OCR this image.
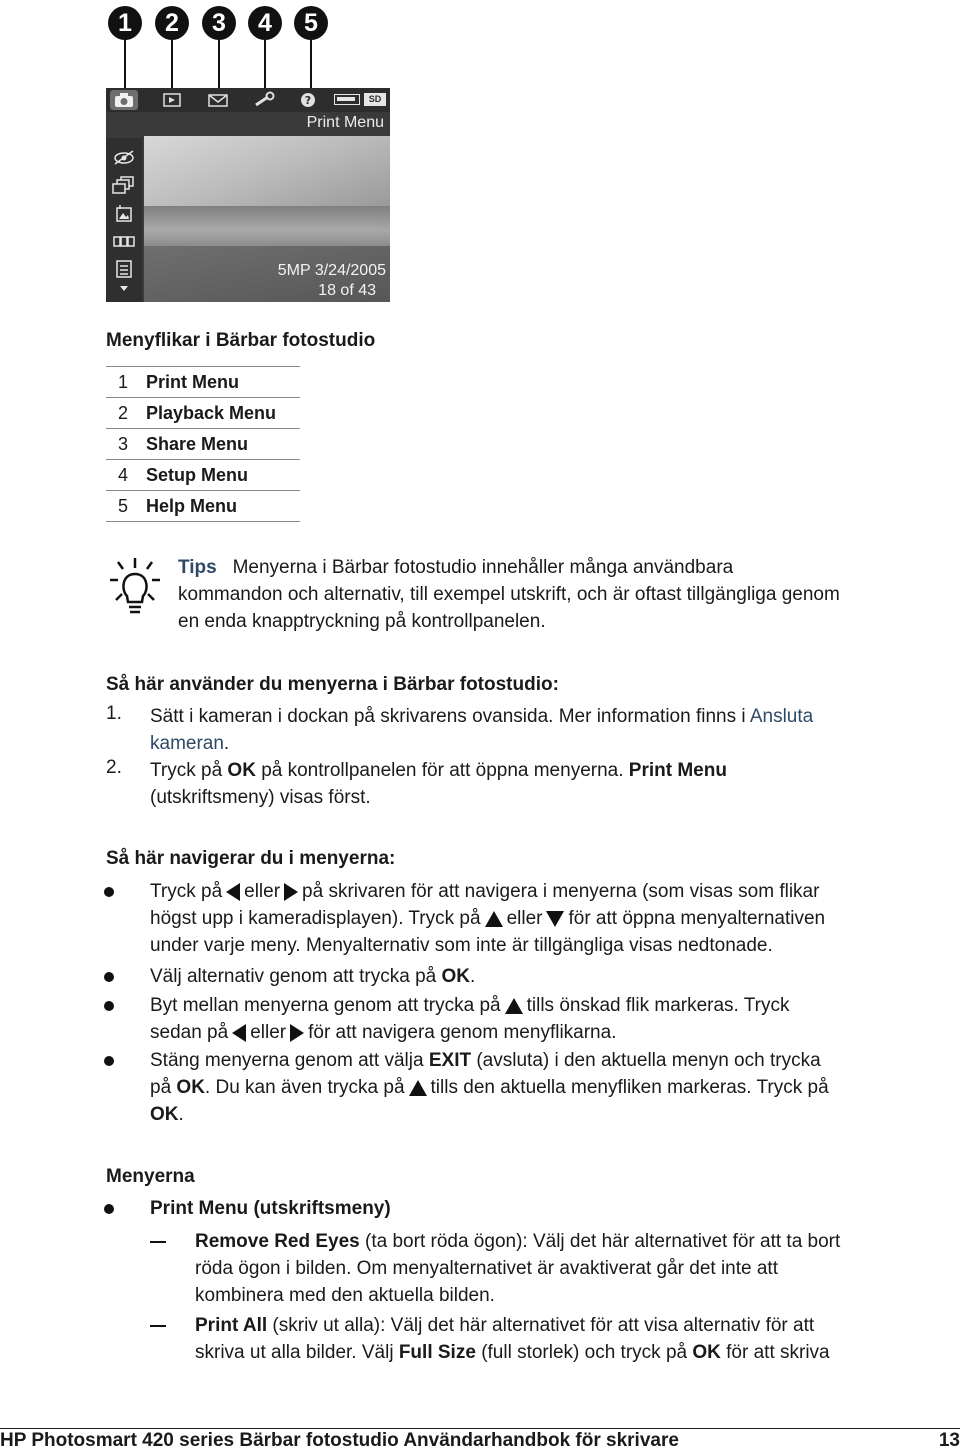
1 2 3 4 5
?	SD
Print Menu
5MP 3/24/2005
18 of 43
Menyflikar i Bärbar fotostudio
1	Print Menu
2	Playback Menu
3	Share Menu
4	Setup Menu
5	Help Menu

Tips Menyerna i Bärbar fotostudio innehåller många användbara

kommandon och alternativ, till exempel utskrift, och är oftast tillgängliga genom

en enda knapptryckning på kontrollpanelen.

Så här använder du menyerna i Bärbar fotostudio:
1. Sätt i kameran i dockan på skrivarens ovansida. Mer information finns i Ansluta

kameran.

2. Tryck på OK på kontrollpanelen för att öppna menyerna. Print Menu

(utskriftsmeny) visas först.

Så här navigerar du i menyerna:

Tryck på eller på skrivaren för att navigera i menyerna (som visas som flikar

högst upp i kameradisplayen). Tryck på eller för att öppna menyalternativen

under varje meny. Menyalternativ som inte är tillgängliga visas nedtonade.

Välj alternativ genom att trycka på OK.

Byt mellan menyerna genom att trycka på tills önskad flik markeras. Tryck

sedan på eller för att navigera genom menyflikarna.

Stäng menyerna genom att välja EXIT (avsluta) i den aktuella menyn och trycka

på OK. Du kan även trycka på tills den aktuella menyfliken markeras. Tryck på

OK.

Menyerna

Print Menu (utskriftsmeny)

Remove Red Eyes (ta bort röda ögon): Välj det här alternativet för att ta bort

röda ögon i bilden. Om menyalternativet är avaktiverat går det inte att

kombinera med den aktuella bilden.

Print All (skriv ut alla): Välj det här alternativet för att visa alternativ för att

skriva ut alla bilder. Välj Full Size (full storlek) och tryck på OK för att skriva

HP Photosmart 420 series Bärbar fotostudio Användarhandbok för skrivare	13
